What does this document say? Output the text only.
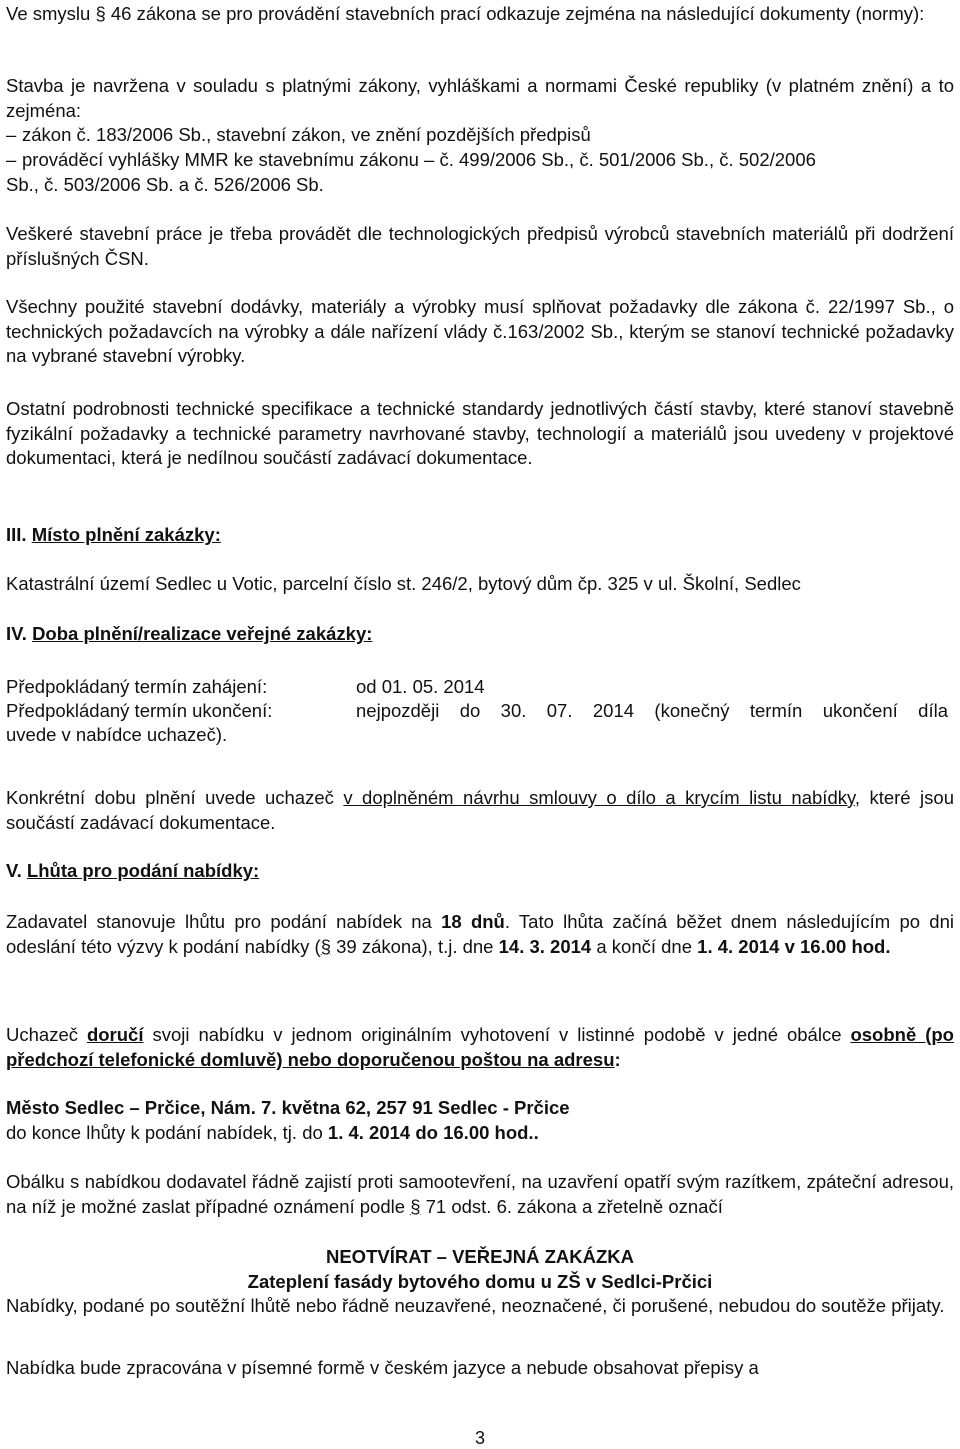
Ve smyslu § 46 zákona se pro provádění stavebních prací odkazuje zejména na následující dokumenty (normy):

Stavba je navržena v souladu s platnými zákony, vyhláškami a normami České republiky (v platném znění) a to zejména:

– zákon č. 183/2006 Sb., stavební zákon, ve znění pozdějších předpisů
– prováděcí vyhlášky MMR ke stavebnímu zákonu – č. 499/2006 Sb., č. 501/2006 Sb., č. 502/2006
Sb., č. 503/2006 Sb. a č. 526/2006 Sb.

Veškeré stavební práce je třeba provádět dle technologických předpisů výrobců stavebních materiálů při dodržení příslušných ČSN.

Všechny použité stavební dodávky, materiály a výrobky musí splňovat požadavky dle zákona č. 22/1997 Sb., o technických požadavcích na výrobky a dále nařízení vlády č.163/2002 Sb., kterým se stanoví technické požadavky na vybrané stavební výrobky.

Ostatní podrobnosti technické specifikace a technické standardy jednotlivých částí stavby, které stanoví stavebně fyzikální požadavky a technické parametry navrhované stavby, technologií a materiálů jsou uvedeny v projektové dokumentaci, která je nedílnou součástí zadávací dokumentace.

III. Místo plnění zakázky:

Katastrální území Sedlec u Votic, parcelní číslo st. 246/2, bytový dům čp. 325 v ul. Školní, Sedlec

IV. Doba plnění/realizace veřejné zakázky:
Předpokládaný termín zahájení:	od 01. 05. 2014
Předpokládaný termín ukončení:	nejpozději do 30. 07. 2014 (konečný termín ukončení díla
uvede v nabídce uchazeč).

Konkrétní dobu plnění uvede uchazeč v doplněném návrhu smlouvy o dílo a krycím listu nabídky, které jsou součástí zadávací dokumentace.

V. Lhůta pro podání nabídky:

Zadavatel stanovuje lhůtu pro podání nabídek na 18 dnů. Tato lhůta začíná běžet dnem následujícím po dni odeslání této výzvy k podání nabídky (§ 39 zákona), t.j. dne 14. 3. 2014 a končí dne 1. 4. 2014 v 16.00 hod.

Uchazeč doručí svoji nabídku v jednom originálním vyhotovení v listinné podobě v jedné obálce osobně (po předchozí telefonické domluvě) nebo doporučenou poštou na adresu:

Město Sedlec – Prčice, Nám. 7. května 62, 257 91 Sedlec - Prčice

do konce lhůty k podání nabídek, tj. do 1. 4. 2014 do 16.00 hod..

Obálku s nabídkou dodavatel řádně zajistí proti samootevření, na uzavření opatří svým razítkem, zpáteční adresou, na níž je možné zaslat případné oznámení podle § 71 odst. 6. zákona a zřetelně označí

NEOTVÍRAT – VEŘEJNÁ ZAKÁZKA

Zateplení fasády bytového domu u ZŠ v Sedlci-Prčici

Nabídky, podané po soutěžní lhůtě nebo řádně neuzavřené, neoznačené, či porušené, nebudou do soutěže přijaty.

Nabídka bude zpracována v písemné formě v českém jazyce a nebude obsahovat přepisy a

3
